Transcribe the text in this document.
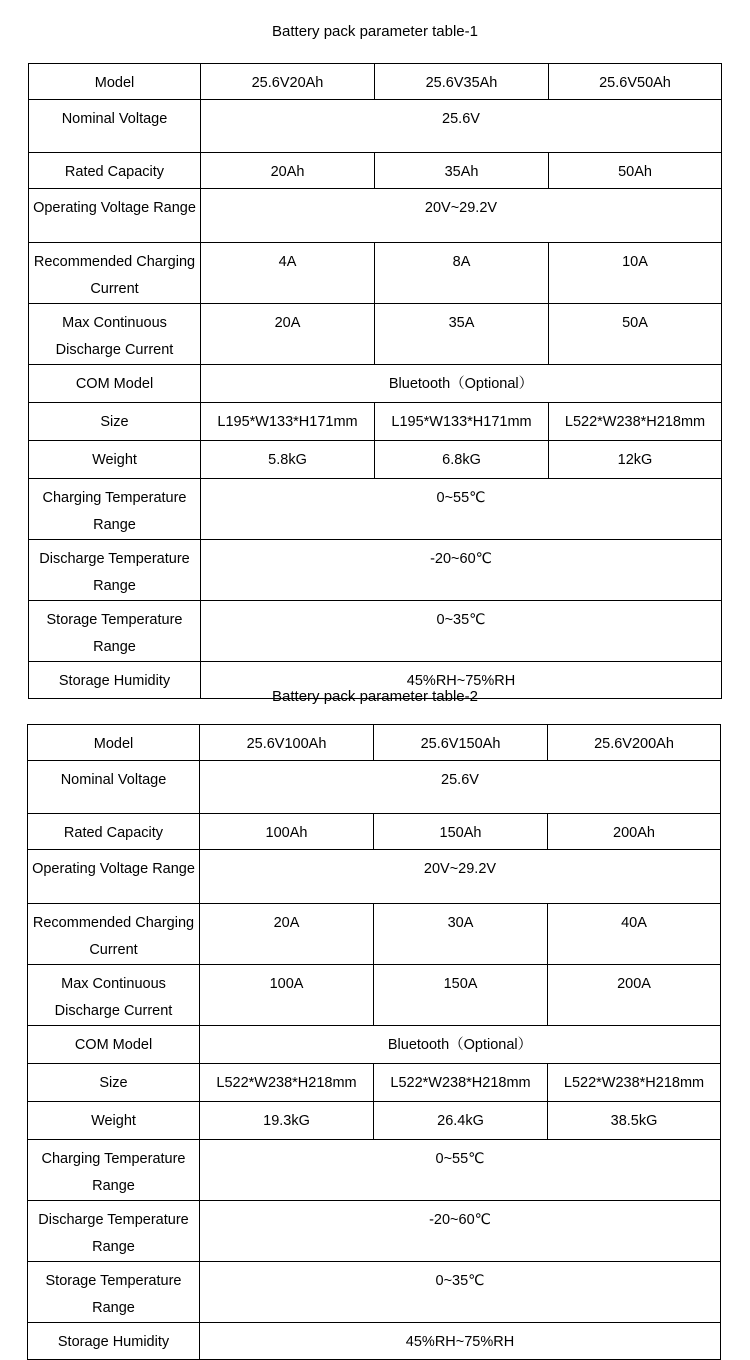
Battery pack parameter table-1
Model	25.6V20Ah	25.6V35Ah	25.6V50Ah
Nominal Voltage	25.6V		
Rated Capacity	20Ah	35Ah	50Ah
Operating Voltage Range	20V~29.2V		
Recommended Charging Current	4A	8A	10A
Max Continuous Discharge Current	20A	35A	50A
COM Model	Bluetooth（Optional）		
Size	L195*W133*H171mm	L195*W133*H171mm	L522*W238*H218mm
Weight	5.8kG	6.8kG	12kG
Charging Temperature Range	0~55℃		
Discharge Temperature Range	-20~60℃		
Storage Temperature Range	0~35℃		
Storage Humidity	45%RH~75%RH		
Battery pack parameter table-2
Model	25.6V100Ah	25.6V150Ah	25.6V200Ah
Nominal Voltage	25.6V		
Rated Capacity	100Ah	150Ah	200Ah
Operating Voltage Range	20V~29.2V		
Recommended Charging Current	20A	30A	40A
Max Continuous Discharge Current	100A	150A	200A
COM Model	Bluetooth（Optional）		
Size	L522*W238*H218mm	L522*W238*H218mm	L522*W238*H218mm
Weight	19.3kG	26.4kG	38.5kG
Charging Temperature Range	0~55℃		
Discharge Temperature Range	-20~60℃		
Storage Temperature Range	0~35℃		
Storage Humidity	45%RH~75%RH		
